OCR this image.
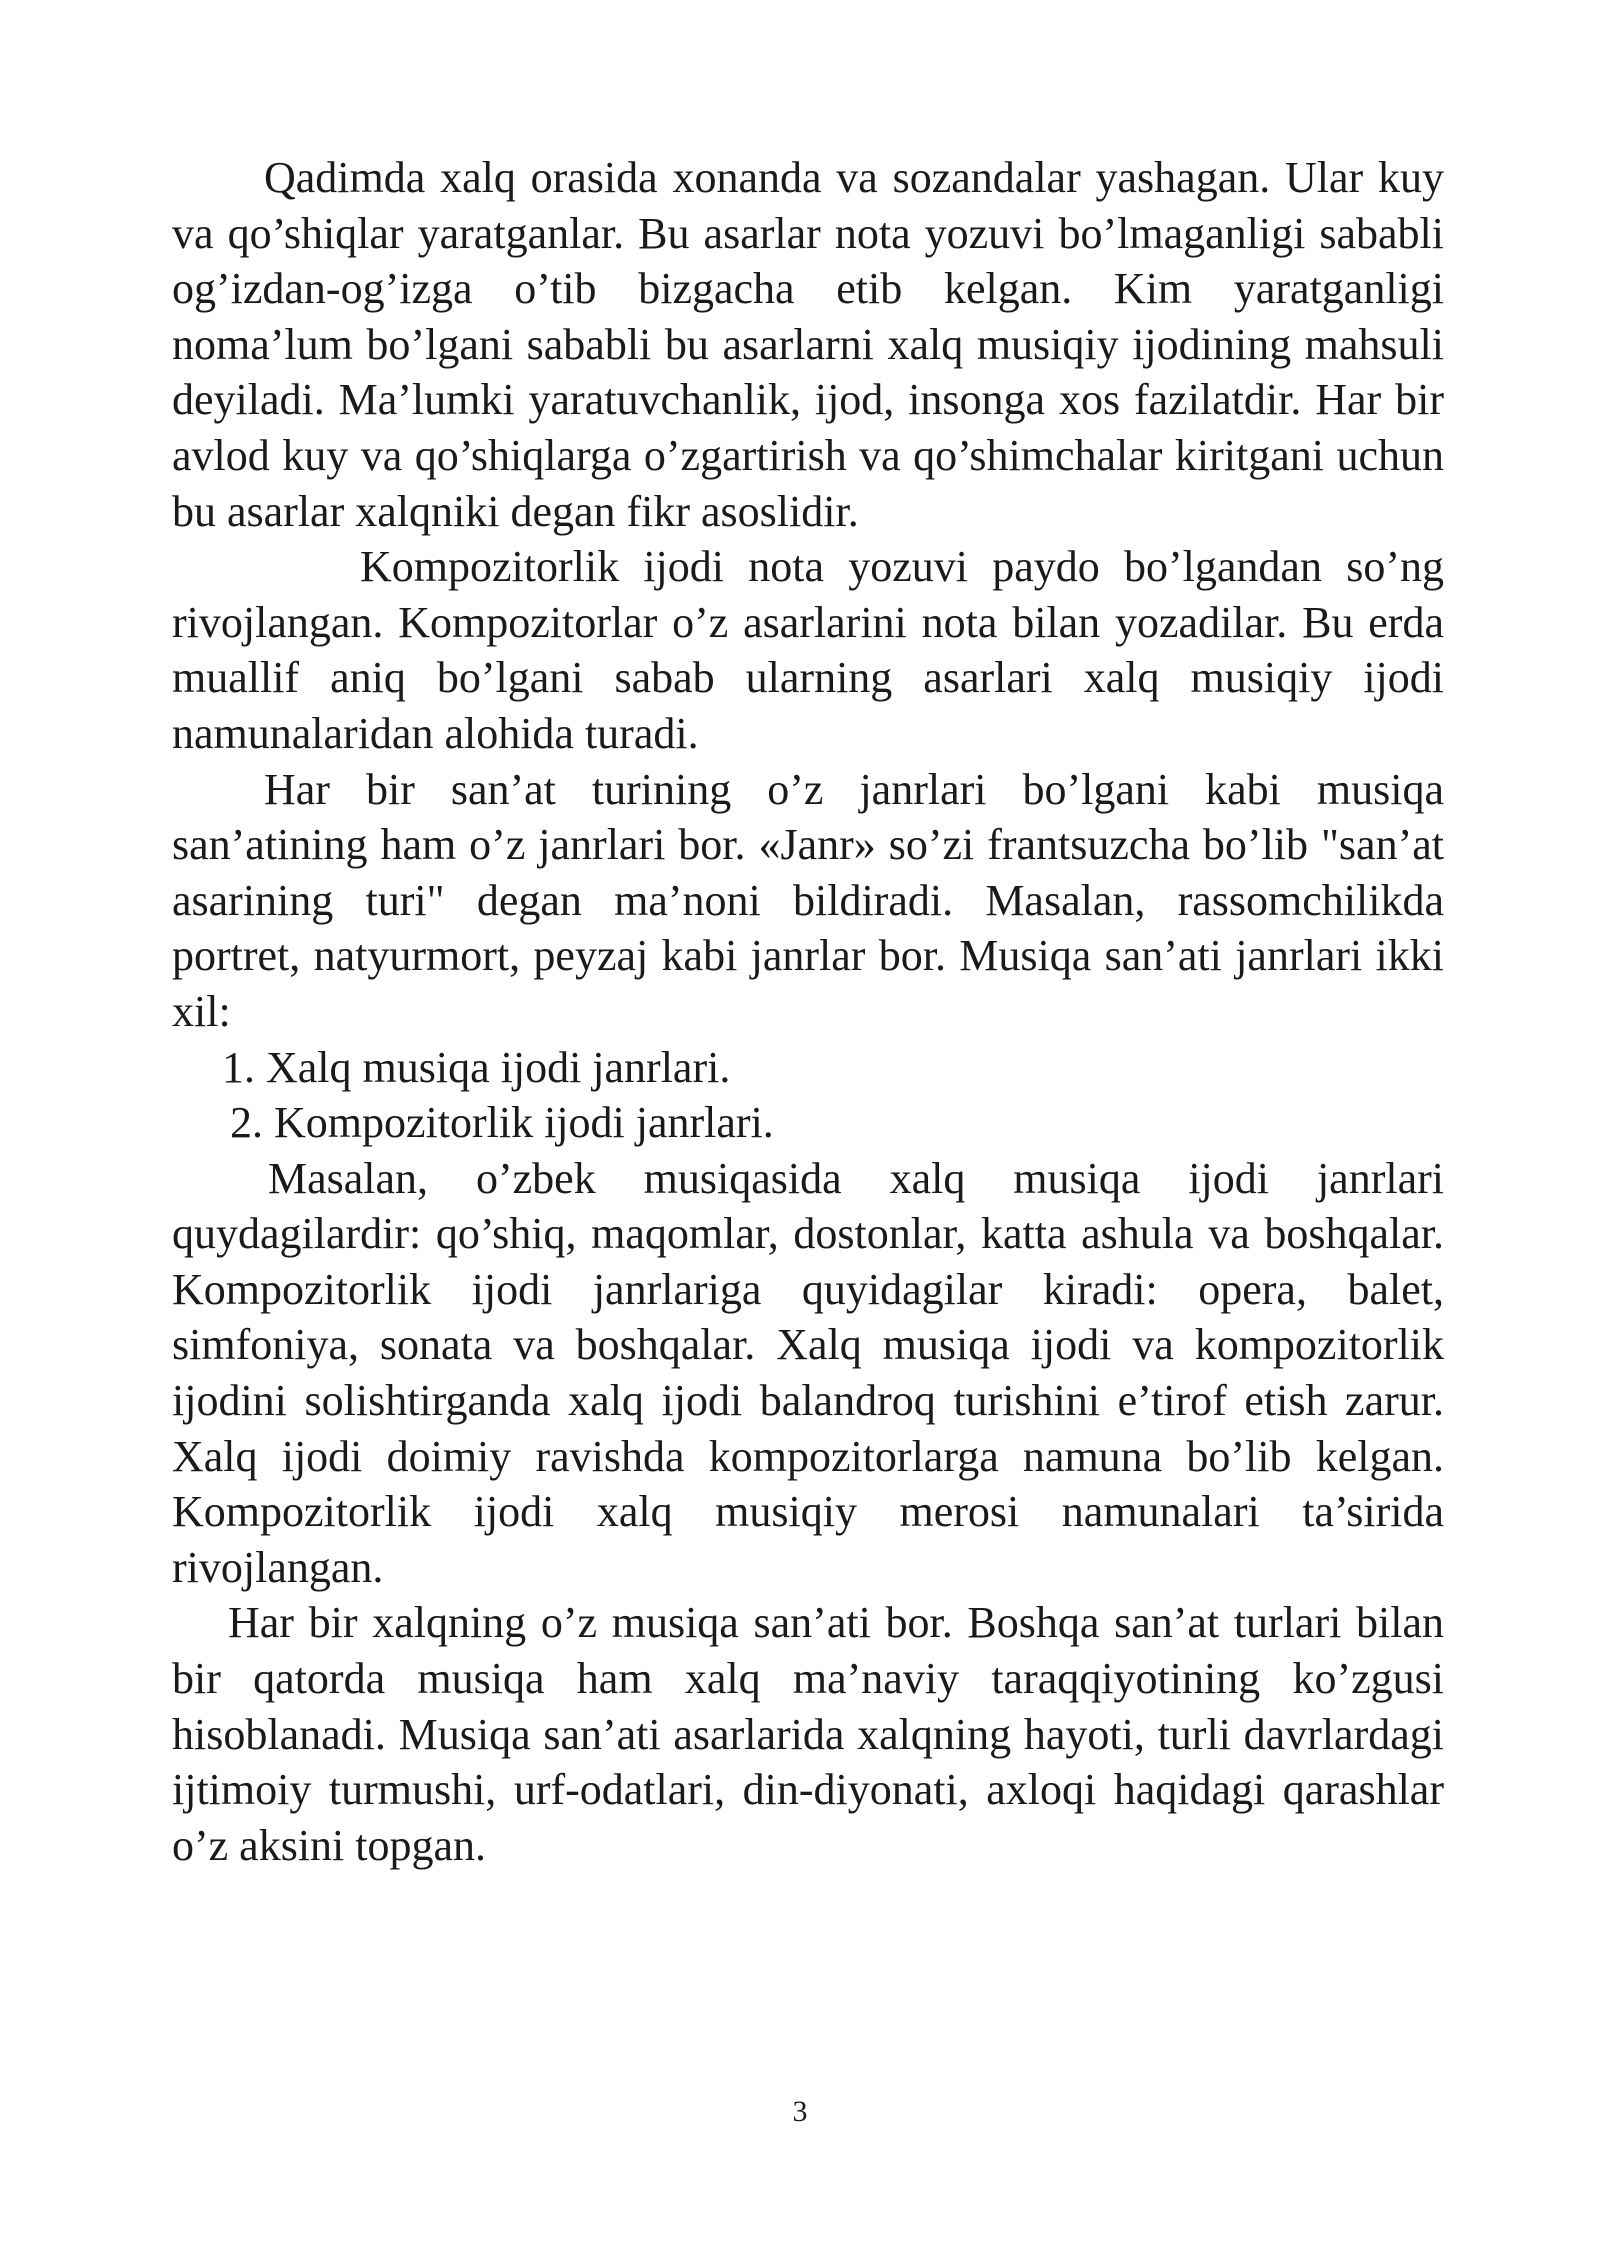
Qadimda xalq orasida xonanda va sozandalar yashagan. Ular kuy va qo’shiqlar yaratganlar. Bu asarlar nota yozuvi bo’lmaganligi sababli og’izdan-og’izga o’tib bizgacha etib kelgan. Kim yaratganligi noma’lum bo’lgani sababli bu asarlarni xalq musiqiy ijodining mahsuli deyiladi. Ma’lumki yaratuvchanlik, ijod, insonga xos fazilatdir. Har bir avlod kuy va qo’shiqlarga o’zgartirish va qo’shimchalar kiritgani uchun bu asarlar xalqniki degan fikr asoslidir.

Kompozitorlik ijodi nota yozuvi paydo bo’lgandan so’ng rivojlangan. Kompozitorlar o’z asarlarini nota bilan yozadilar. Bu erda muallif aniq bo’lgani sabab ularning asarlari xalq musiqiy ijodi namunalaridan alohida turadi.

Har bir san’at turining o’z janrlari bo’lgani kabi musiqa san’atining ham o’z janrlari bor. «Janr» so’zi frantsuzcha bo’lib "san’at asarining turi" degan ma’noni bildiradi. Masalan, rassomchilikda portret, natyurmort, peyzaj kabi janrlar bor. Musiqa san’ati janrlari ikki xil:

1. Xalq musiqa ijodi janrlari.

2. Kompozitorlik ijodi janrlari.

Masalan, o’zbek musiqasida xalq musiqa ijodi janrlari quydagilardir: qo’shiq, maqomlar, dostonlar, katta ashula va boshqalar. Kompozitorlik ijodi janrlariga quyidagilar kiradi: opera, balet, simfoniya, sonata va boshqalar. Xalq musiqa ijodi va kompozitorlik ijodini solishtirganda xalq ijodi balandroq turishini e’tirof etish zarur. Xalq ijodi doimiy ravishda kompozitorlarga namuna bo’lib kelgan. Kompozitorlik ijodi xalq musiqiy merosi namunalari ta’sirida rivojlangan.

Har bir xalqning o’z musiqa san’ati bor. Boshqa san’at turlari bilan bir qatorda musiqa ham xalq ma’naviy taraqqiyotining ko’zgusi hisoblanadi. Musiqa san’ati asarlarida xalqning hayoti, turli davrlardagi ijtimoiy turmushi, urf-odatlari, din-diyonati, axloqi haqidagi qarashlar o’z aksini topgan.

3
